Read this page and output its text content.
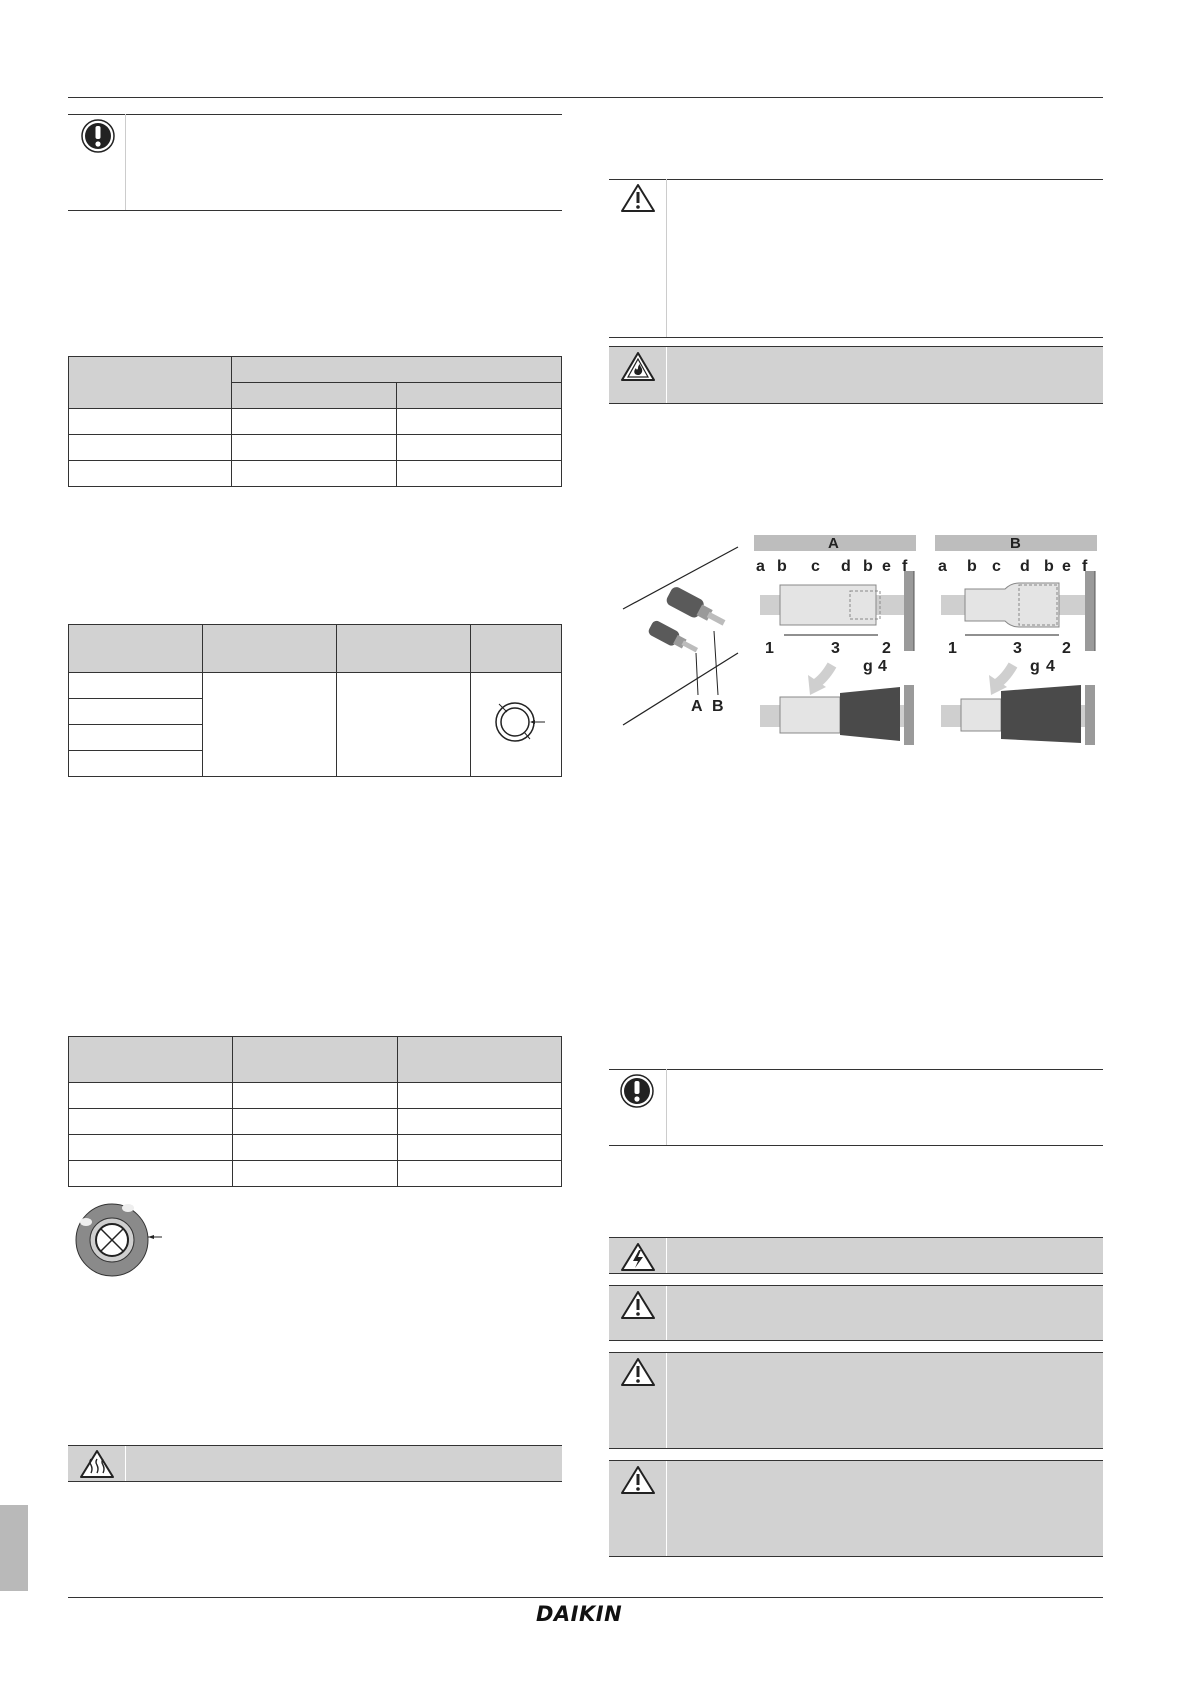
A B
A
a b c d b e f
1	3	2
g 4
B
a b c d b e f
1	3	2
g 4
DAIKIN
